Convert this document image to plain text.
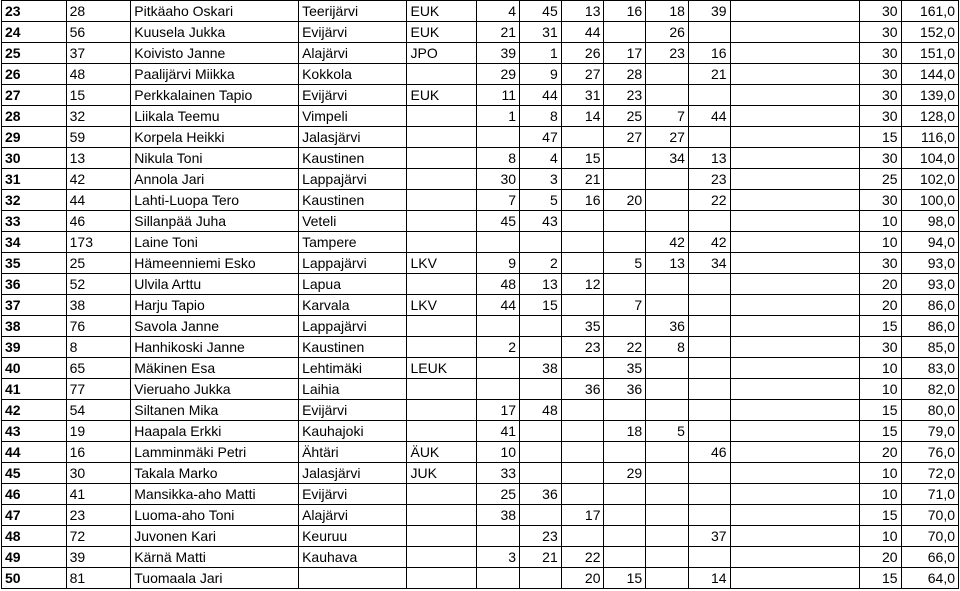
23	28	Pitkäaho Oskari	Teerijärvi	EUK	4	45	13	16	18	39		30	161,0
24	56	Kuusela Jukka	Evijärvi	EUK	21	31	44		26			30	152,0
25	37	Koivisto Janne	Alajärvi	JPO	39	1	26	17	23	16		30	151,0
26	48	Paalijärvi Miikka	Kokkola		29	9	27	28		21		30	144,0
27	15	Perkkalainen Tapio	Evijärvi	EUK	11	44	31	23				30	139,0
28	32	Liikala Teemu	Vimpeli		1	8	14	25	7	44		30	128,0
29	59	Korpela Heikki	Jalasjärvi			47		27	27			15	116,0
30	13	Nikula Toni	Kaustinen		8	4	15		34	13		30	104,0
31	42	Annola Jari	Lappajärvi		30	3	21			23		25	102,0
32	44	Lahti-Luopa Tero	Kaustinen		7	5	16	20		22		30	100,0
33	46	Sillanpää Juha	Veteli		45	43						10	98,0
34	173	Laine Toni	Tampere						42	42		10	94,0
35	25	Hämeenniemi Esko	Lappajärvi	LKV	9	2		5	13	34		30	93,0
36	52	Ulvila Arttu	Lapua		48	13	12					20	93,0
37	38	Harju Tapio	Karvala	LKV	44	15		7				20	86,0
38	76	Savola Janne	Lappajärvi				35		36			15	86,0
39	8	Hanhikoski Janne	Kaustinen		2		23	22	8			30	85,0
40	65	Mäkinen Esa	Lehtimäki	LEUK		38		35				10	83,0
41	77	Vieruaho Jukka	Laihia				36	36				10	82,0
42	54	Siltanen Mika	Evijärvi		17	48						15	80,0
43	19	Haapala Erkki	Kauhajoki		41			18	5			15	79,0
44	16	Lamminmäki Petri	Ähtäri	ÄUK	10					46		20	76,0
45	30	Takala Marko	Jalasjärvi	JUK	33			29				10	72,0
46	41	Mansikka-aho Matti	Evijärvi		25	36						10	71,0
47	23	Luoma-aho Toni	Alajärvi		38		17					15	70,0
48	72	Juvonen Kari	Keuruu			23				37		10	70,0
49	39	Kärnä Matti	Kauhava		3	21	22					20	66,0
50	81	Tuomaala Jari					20	15		14		15	64,0
